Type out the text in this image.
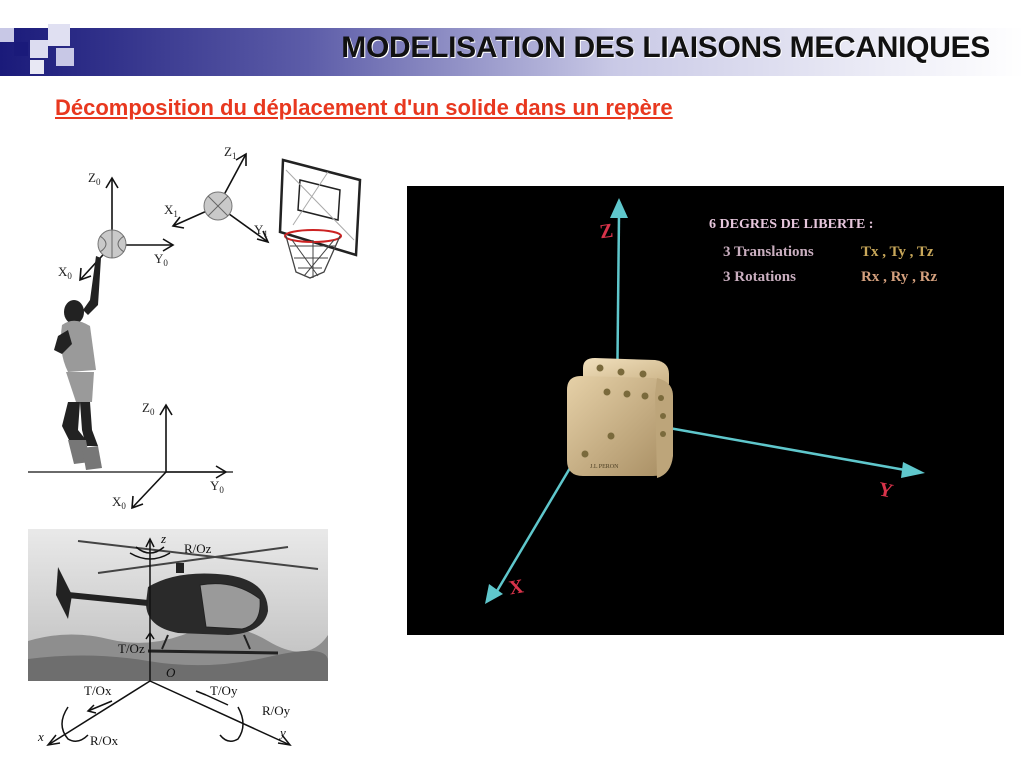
MODELISATION DES LIAISONS MECANIQUES
Décomposition du déplacement d'un solide dans un repère
$Z_0$
$Y_0$
$X_0$
$Z_1$
$X_1$
$Y_1$
$Z_0$
$Y_0$
$X_0$
z
R/Oz
T/Oz
O
T/Ox	T/Oy
R/Ox
R/Oy
x	y
J.L PERON
Z
Y
X
6 DEGRES DE LIBERTE :
3 Translations	Tx , Ty , Tz
3 Rotations	Rx , Ry , Rz
